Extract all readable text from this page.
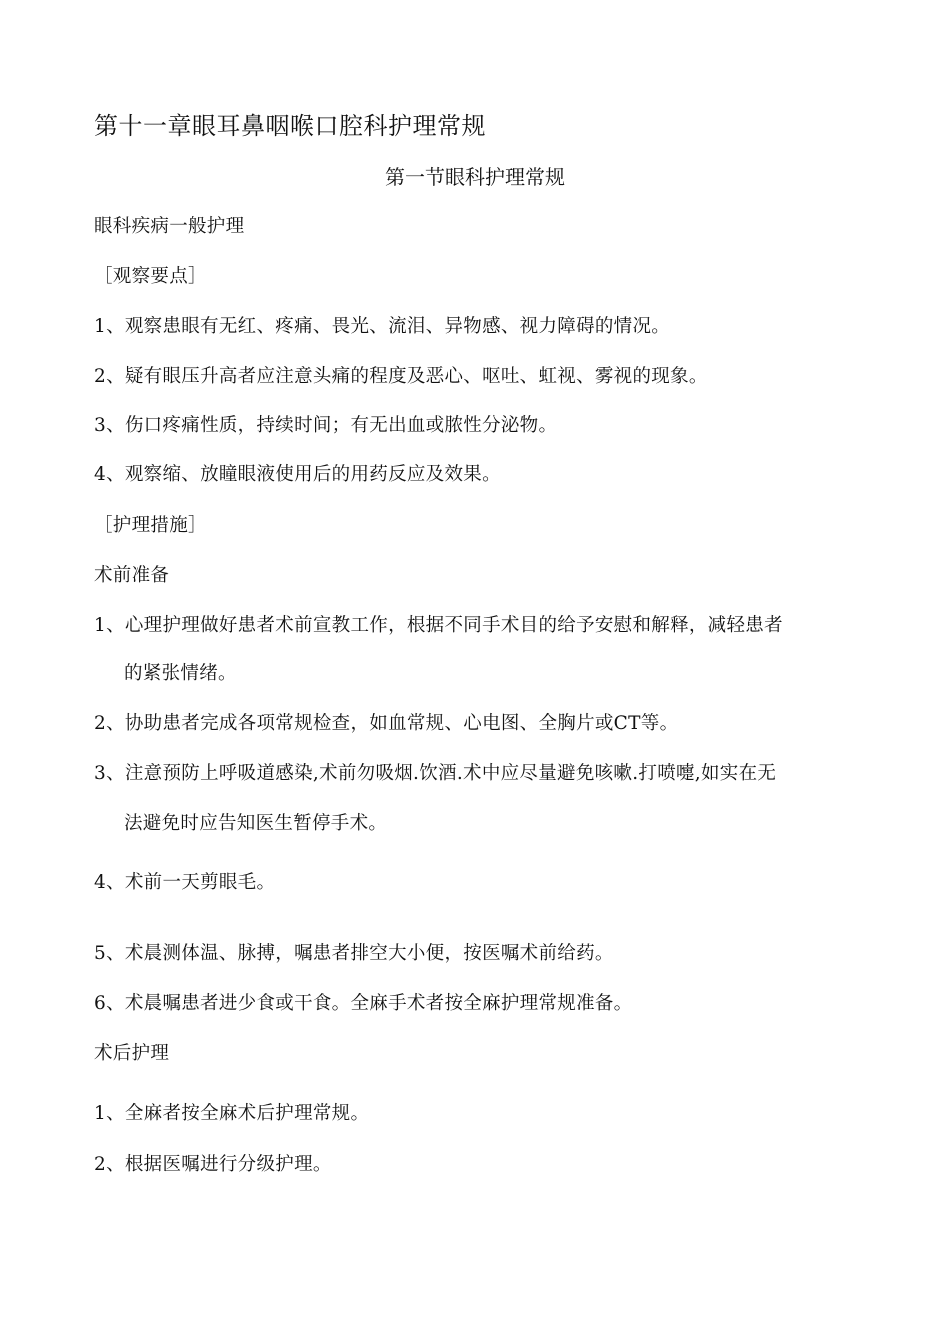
第十一章眼耳鼻咽喉口腔科护理常规
第一节眼科护理常规
眼科疾病一般护理
［观察要点］
1、观察患眼有无红、疼痛、畏光、流泪、异物感、视力障碍的情况。
2、疑有眼压升高者应注意头痛的程度及恶心、呕吐、虹视、雾视的现象。
3、伤口疼痛性质，持续时间；有无出血或脓性分泌物。
4、观察缩、放瞳眼液使用后的用药反应及效果。
［护理措施］
术前准备
1、心理护理做好患者术前宣教工作，根据不同手术目的给予安慰和解释，减轻患者
的紧张情绪。
2、协助患者完成各项常规检查，如血常规、心电图、全胸片或CT等。
3、注意预防上呼吸道感染,术前勿吸烟.饮酒.术中应尽量避免咳嗽.打喷嚏,如实在无
法避免时应告知医生暂停手术。
4、术前一天剪眼毛。
5、术晨测体温、脉搏，嘱患者排空大小便，按医嘱术前给药。
6、术晨嘱患者进少食或干食。全麻手术者按全麻护理常规准备。
术后护理
1、全麻者按全麻术后护理常规。
2、根据医嘱进行分级护理。
